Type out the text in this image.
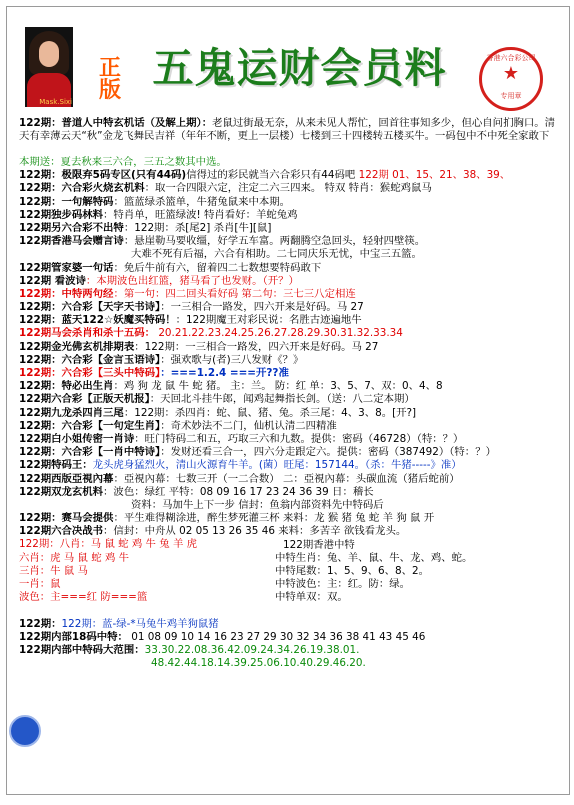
Mask.Sixi
正版 五鬼运财会员料	香港六合彩公司
★
专用章
122期：普道人中特玄机话（及解上期）：老鼠过街最无奈，从来未见人帮忙，回首往事知多少，但心自问扪胸口。清天有幸薄云天“秋”金龙飞舞民吉祥（年年不断，更上一层楼）七楼到三十四楼转五楼买牛。一码包中不中死全家敢下
本期送：夏去秋来三六合，三五之数其中选。
122期：极限弃5码专区(只有44码)信得过的彩民就当六合彩只有44码吧 122期 01、15、21、38、39、
122期：六合彩火烧玄机料：取一合四限六定，注定二六三四来。 特双 特肖：猴蛇鸡鼠马
122期：一句解特码：篮蓝绿杀篮单，牛猪兔鼠来中本期。
122期独步码林料：特肖单，旺篮绿波! 特肖看好：羊蛇兔鸡
122期另六合彩不出特：122期：杀[尾2] 杀肖[牛][鼠]
122期香港马会赠言诗：悬崖勒马要收缰，好学五车富。两翻腾空急回头，轻射四壁筷。
大难不死有后福，六合有相助。二七同庆乐无忧，中宝三五篮。
122期管家婆一句话：免后牛前有六，留着四二七数想要特码敢下
122期 看波诗：本期波色出红篮，猪马看了也发财。（开？）
122期：中特两句经：第一句：四二回头看好码 第二句：三七三八定相连
122期：六合彩【天字天书诗】：一三相合一路发，四六开来是好码。马 27
122期：蓝天122☆妖魔买特码！：122期魔王对彩民说：名胜古迹遍地牛
122期马会杀肖和杀十五码： 20.21.22.23.24.25.26.27.28.29.30.31.32.33.34
122期金光佛玄机排期表：122期：一三相合一路发，四六开来是好码。马 27
122期：六合彩【金言玉语诗】：强欢歌与(者)三八发财《？》
122期：六合彩【三头中特码】：===1.2.4 ===开??准
122期：特必出生肖：鸡 狗 龙 鼠 牛 蛇 猪。 主：兰。 防：红 单：3、5、7、双：0、4、8
122期六合彩【正版天机报】：天回北斗挂牛郎，闻鸡起舞指长剑。（送：八二定本期）
122期九龙杀四肖三尾：122期：杀四肖：蛇、鼠、猪、兔。杀三尾：4、3、8。[开?]
122期：六合彩【一句定生肖】：奇术妙法不二门，仙机认清二四精准
122期白小姐传密一肖诗：旺门特码二和五，巧取三六和九数。提供：密码（46728）（特：？）
122期：六合彩【一肖中特诗】：发财还看三合一，四六分走跟定六。提供：密码（387492）（特：？）
122期特码王：龙头虎身猛烈火，清山火源育牛羊。(菌）旺尾：157144。（杀：牛猪-----》准）
122期西版亞視內幕：亞視內幕：七数三开（一二合数） 二：亞視內幕：头碳血流（猪后蛇前）
122期双龙玄机料：波色：绿红 平特：08 09 16 17 23 24 36 39 日：稽长
资料：马加牛上下一步 信封：鱼翁内部资料先中特码后
122期：赛马会提供：平生难得糊涂进，醉生梦死灌三杯 来料：龙 猴 猪 兔 蛇 羊 狗 鼠 开
122期六合决战书：信封：中舟从 02 05 13 26 35 46 来料：多苦辛 欲钱看龙头。
122期：八肖：马 鼠 蛇 鸡 牛 兔 羊 虎
六肖：虎 马 鼠 蛇 鸡 牛
三肖：牛 鼠 马
一肖：鼠
波色：主===红 防===篮
122期香港中特
中特生肖：兔、羊、鼠、牛、龙、鸡、蛇。
中特尾数：1、5、9、6、8、2。
中特波色：主：红。防：绿。
中特单双：双。
122期：122期：蓝-绿-*马兔牛鸡羊狗鼠猪
122期内部18码中特： 01 08 09 10 14 16 23 27 29 30 32 34 36 38 41 43 45 46
122期内部中特码大范围：33.30.22.08.36.42.09.24.34.26.19.38.01.
48.42.44.18.14.39.25.06.10.40.29.46.20.
